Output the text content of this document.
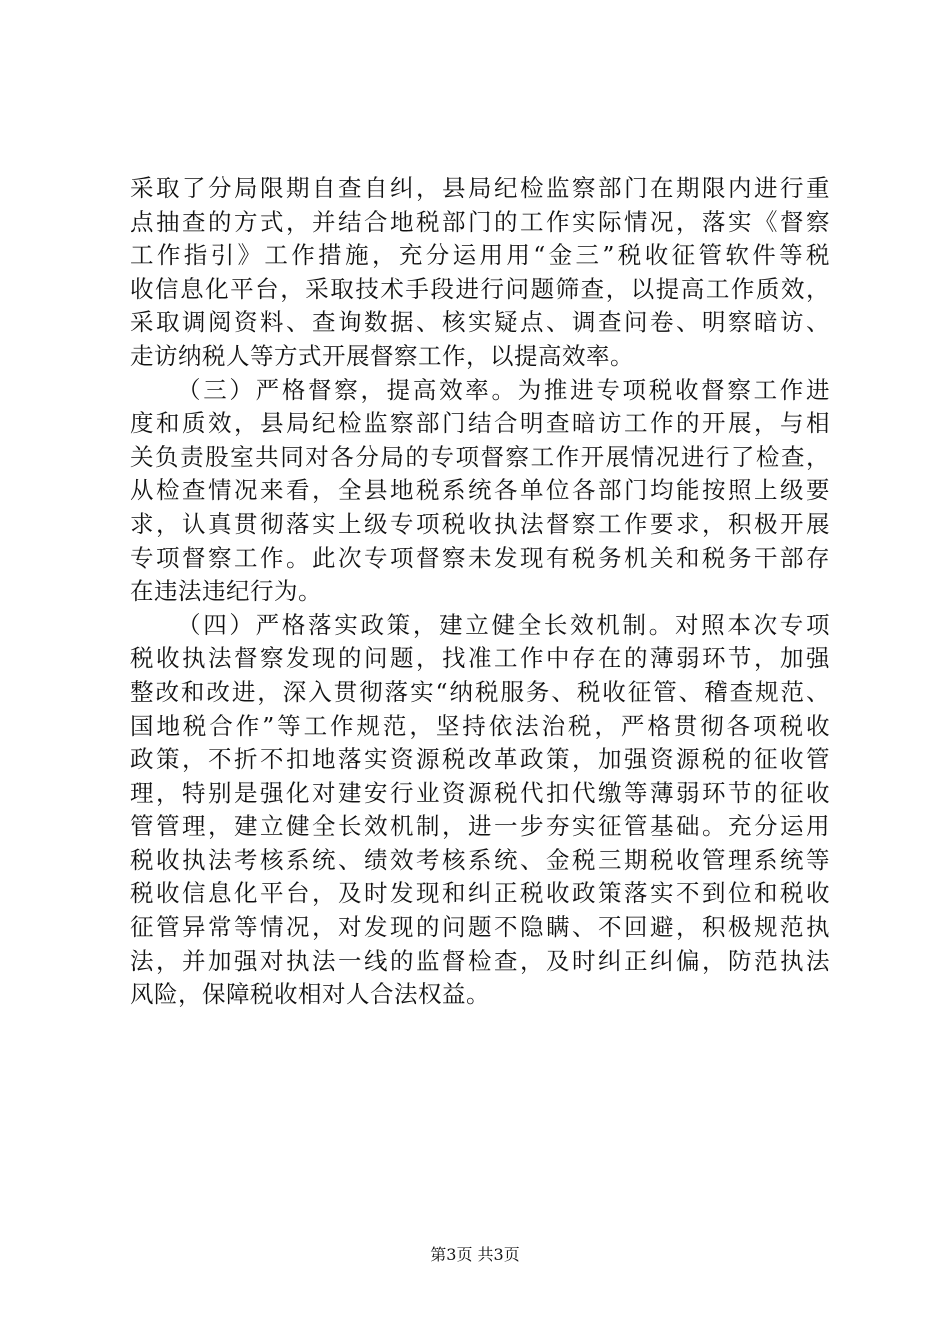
采取了分局限期自查自纠，县局纪检监察部门在期限内进行重
点抽查的方式，并结合地税部门的工作实际情况，落实《督察
工作指引》工作措施，充分运用用“金三”税收征管软件等税
收信息化平台，采取技术手段进行问题筛查，以提高工作质效，
采取调阅资料、查询数据、核实疑点、调查问卷、明察暗访、
走访纳税人等方式开展督察工作，以提高效率。
（三）严格督察，提高效率。为推进专项税收督察工作进
度和质效，县局纪检监察部门结合明查暗访工作的开展，与相
关负责股室共同对各分局的专项督察工作开展情况进行了检查，
从检查情况来看，全县地税系统各单位各部门均能按照上级要
求，认真贯彻落实上级专项税收执法督察工作要求，积极开展
专项督察工作。此次专项督察未发现有税务机关和税务干部存
在违法违纪行为。
（四）严格落实政策，建立健全长效机制。对照本次专项
税收执法督察发现的问题，找准工作中存在的薄弱环节，加强
整改和改进，深入贯彻落实“纳税服务、税收征管、稽查规范、
国地税合作”等工作规范，坚持依法治税，严格贯彻各项税收
政策，不折不扣地落实资源税改革政策，加强资源税的征收管
理，特别是强化对建安行业资源税代扣代缴等薄弱环节的征收
管管理，建立健全长效机制，进一步夯实征管基础。充分运用
税收执法考核系统、绩效考核系统、金税三期税收管理系统等
税收信息化平台，及时发现和纠正税收政策落实不到位和税收
征管异常等情况，对发现的问题不隐瞒、不回避，积极规范执
法，并加强对执法一线的监督检查，及时纠正纠偏，防范执法
风险，保障税收相对人合法权益。
第3页 共3页
